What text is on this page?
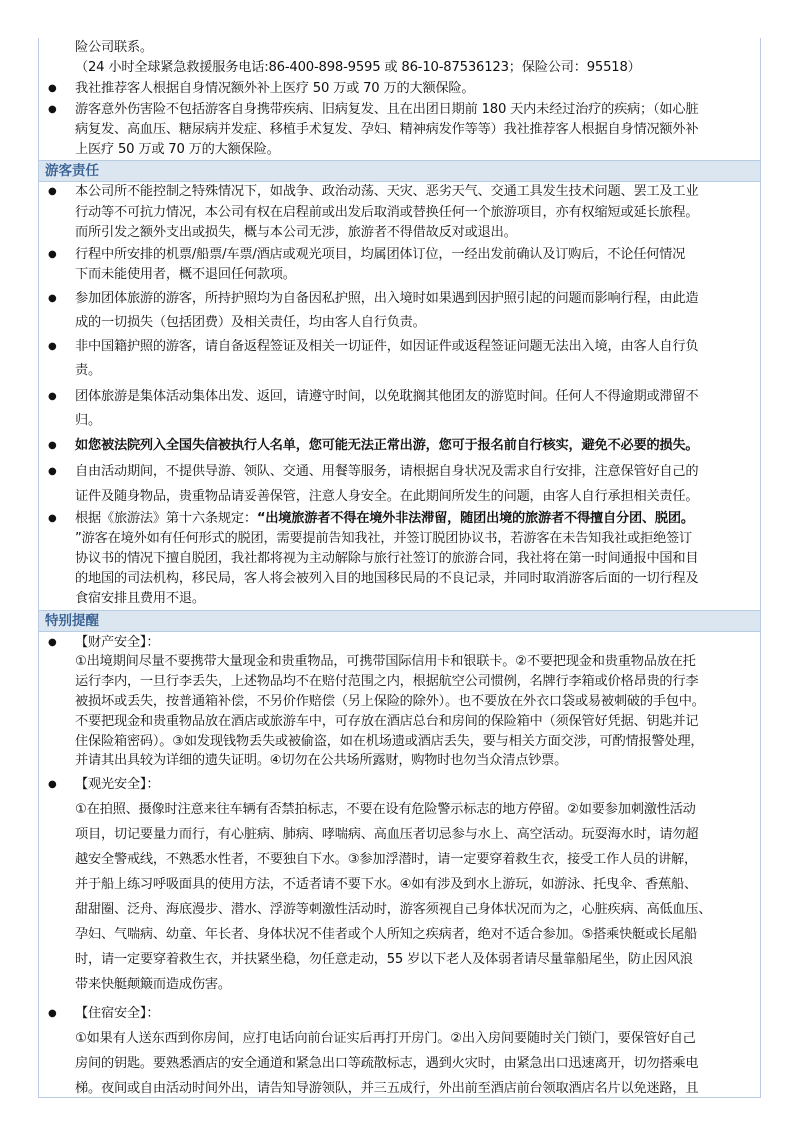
险公司联系。
（24 小时全球紧急救援服务电话:86-400-898-9595 或 86-10-87536123；保险公司：95518）
● 我社推荐客人根据自身情况额外补上医疗 50 万或 70 万的大额保险。
● 游客意外伤害险不包括游客自身携带疾病、旧病复发、且在出团日期前 180 天内未经过治疗的疾病；（如心脏
病复发、高血压、糖尿病并发症、移植手术复发、孕妇、精神病发作等等）我社推荐客人根据自身情况额外补
上医疗 50 万或 70 万的大额保险。
游客责任
● 本公司所不能控制之特殊情况下，如战争、政治动荡、天灾、恶劣天气、交通工具发生技术问题、罢工及工业
行动等不可抗力情况，本公司有权在启程前或出发后取消或替换任何一个旅游项目，亦有权缩短或延长旅程。
而所引发之额外支出或损失，概与本公司无涉，旅游者不得借故反对或退出。
● 行程中所安排的机票/船票/车票/酒店或观光项目，均属团体订位，一经出发前确认及订购后，不论任何情况
下而未能使用者，概不退回任何款项。
● 参加团体旅游的游客，所持护照均为自备因私护照，出入境时如果遇到因护照引起的问题而影响行程，由此造
成的一切损失（包括团费）及相关责任，均由客人自行负责。
● 非中国籍护照的游客，请自备返程签证及相关一切证件，如因证件或返程签证问题无法出入境，由客人自行负
责。
● 团体旅游是集体活动集体出发、返回，请遵守时间，以免耽搁其他团友的游览时间。任何人不得逾期或滞留不
归。
● 如您被法院列入全国失信被执行人名单，您可能无法正常出游，您可于报名前自行核实，避免不必要的损失。
● 自由活动期间，不提供导游、领队、交通、用餐等服务，请根据自身状况及需求自行安排，注意保管好自己的
证件及随身物品，贵重物品请妥善保管，注意人身安全。在此期间所发生的问题，由客人自行承担相关责任。
● 根据《旅游法》第十六条规定：“出境旅游者不得在境外非法滞留，随团出境的旅游者不得擅自分团、脱团。
”游客在境外如有任何形式的脱团，需要提前告知我社，并签订脱团协议书，若游客在未告知我社或拒绝签订
协议书的情况下擅自脱团，我社都将视为主动解除与旅行社签订的旅游合同，我社将在第一时间通报中国和目
的地国的司法机构，移民局，客人将会被列入目的地国移民局的不良记录，并同时取消游客后面的一切行程及
食宿安排且费用不退。
特别提醒
● 【财产安全】：
①出境期间尽量不要携带大量现金和贵重物品，可携带国际信用卡和银联卡。②不要把现金和贵重物品放在托
运行李内，一旦行李丢失，上述物品均不在赔付范围之内，根据航空公司惯例，名牌行李箱或价格昂贵的行李
被损坏或丢失，按普通箱补偿，不另价作赔偿（另上保险的除外）。也不要放在外衣口袋或易被刺破的手包中。
不要把现金和贵重物品放在酒店或旅游车中，可存放在酒店总台和房间的保险箱中（须保管好凭据、钥匙并记
住保险箱密码）。③如发现钱物丢失或被偷盗，如在机场遗或酒店丢失，要与相关方面交涉，可酌情报警处理，
并请其出具较为详细的遗失证明。④切勿在公共场所露财，购物时也勿当众清点钞票。
● 【观光安全】：
①在拍照、摄像时注意来往车辆有否禁拍标志，不要在设有危险警示标志的地方停留。②如要参加刺激性活动
项目，切记要量力而行，有心脏病、肺病、哮喘病、高血压者切忌参与水上、高空活动。玩耍海水时，请勿超
越安全警戒线，不熟悉水性者，不要独自下水。③参加浮潜时，请一定要穿着救生衣，接受工作人员的讲解，
并于船上练习呼吸面具的使用方法，不适者请不要下水。④如有涉及到水上游玩，如游泳、托曳伞、香蕉船、
甜甜圈、泛舟、海底漫步、潜水、浮游等刺激性活动时，游客须视自己身体状况而为之，心脏疾病、高低血压、
孕妇、气喘病、幼童、年长者、身体状况不佳者或个人所知之疾病者，绝对不适合参加。⑤搭乘快艇或长尾船
时，请一定要穿着救生衣，并扶紧坐稳，勿任意走动，55 岁以下老人及体弱者请尽量靠船尾坐，防止因风浪
带来快艇颠簸而造成伤害。
● 【住宿安全】：
①如果有人送东西到你房间，应打电话向前台证实后再打开房门。②出入房间要随时关门锁门，要保管好自己
房间的钥匙。要熟悉酒店的安全通道和紧急出口等疏散标志，遇到火灾时，由紧急出口迅速离开，切勿搭乘电
梯。夜间或自由活动时间外出，请告知导游领队，并三五成行，外出前至酒店前台领取酒店名片以免迷路，且
